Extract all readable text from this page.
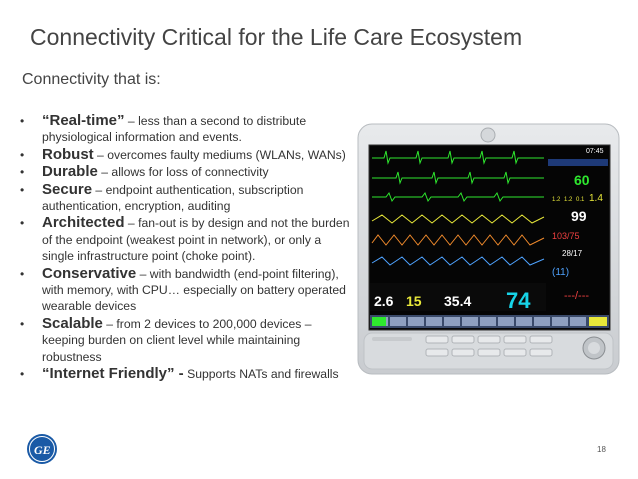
Connectivity Critical for the Life Care Ecosystem
Connectivity that is:
• “Real-time” – less than a second to distribute physiological information and events.
• Robust – overcomes faulty mediums (WLANs, WANs)
• Durable – allows for loss of connectivity
• Secure – endpoint authentication, subscription authentication, encryption, auditing
• Architected – fan-out is by design and not the burden of the endpoint (weakest point in network), or only a single infrastructure point (choke point).
• Conservative – with bandwidth (end-point filtering), with memory, with CPU… especially on battery operated wearable devices
• Scalable – from 2 devices to 200,000 devices – keeping burden on client level while maintaining robustness
• “Internet Friendly” - Supports NATs and firewalls
07:45
60
1.2 1.2 0.1 1.4
99
103/75
28/17
(11)
---/---
2.6 15 35.4 74
GE	18
